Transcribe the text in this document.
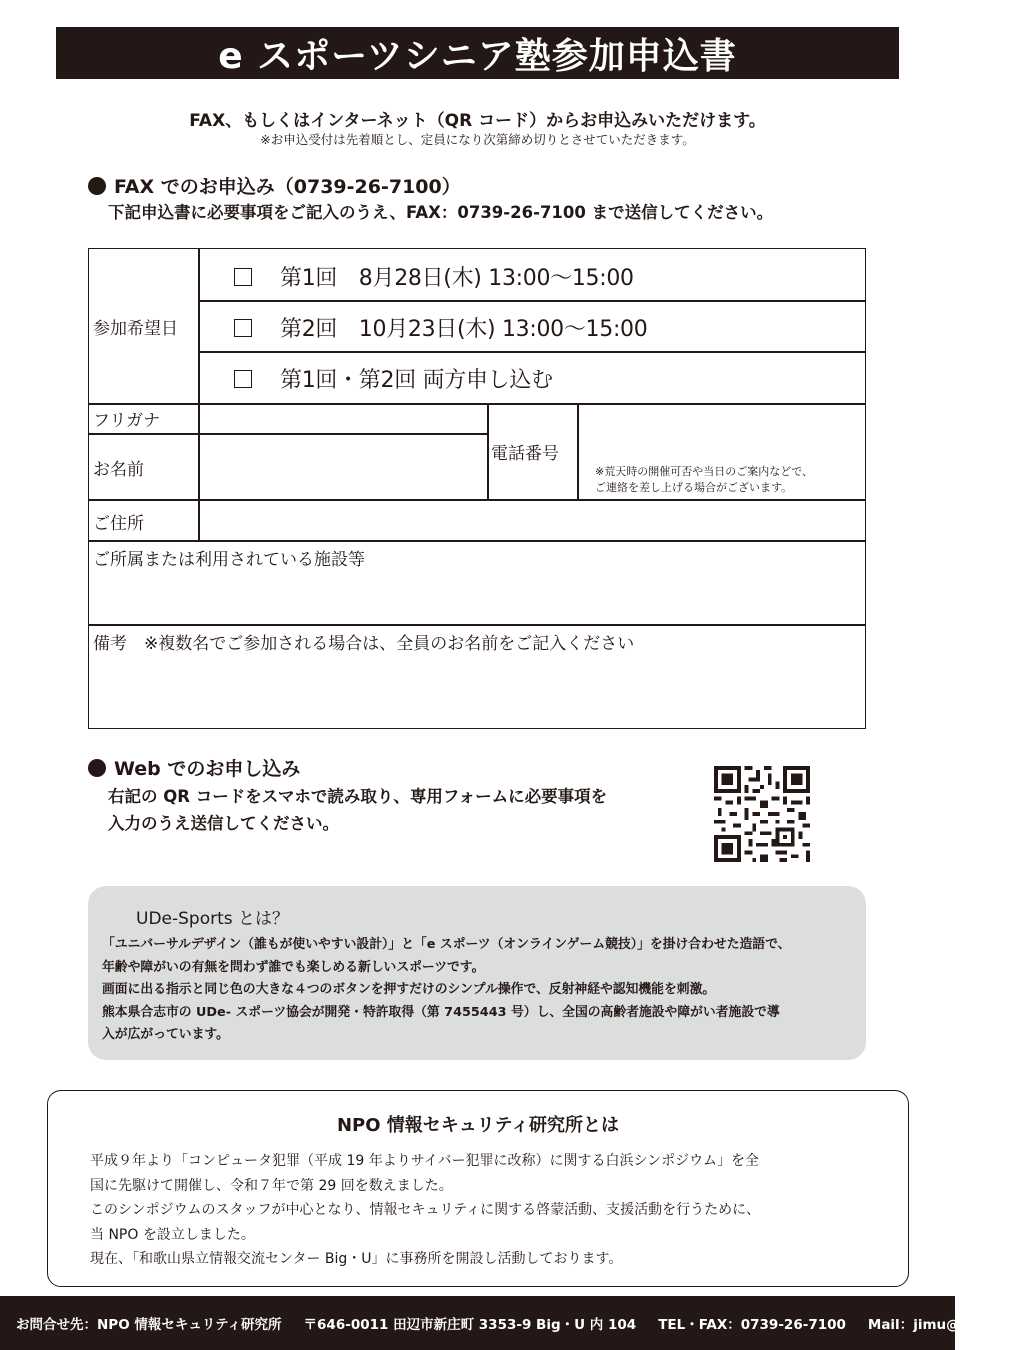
e スポーツシニア塾参加申込書
FAX、もしくはインターネット（QR コード）からお申込みいただけます。
※お申込受付は先着順とし、定員になり次第締め切りとさせていただきます。
FAX でのお申込み（0739-26-7100）
下記申込書に必要事項をご記入のうえ、FAX：0739-26-7100 まで送信してください。
参加希望日
第1回　8月28日(木) 13:00～15:00
第2回　10月23日(木) 13:00～15:00
第1回・第2回 両方申し込む
フリガナ
お名前
電話番号
※荒天時の開催可否や当日のご案内などで、
ご連絡を差し上げる場合がございます。
ご住所
ご所属または利用されている施設等
備考　※複数名でご参加される場合は、全員のお名前をご記入ください
Web でのお申し込み
右記の QR コードをスマホで読み取り、専用フォームに必要事項を
入力のうえ送信してください。
UDe-Sports とは？
「ユニバーサルデザイン（誰もが使いやすい設計）」と「e スポーツ（オンラインゲーム競技）」を掛け合わせた造語で、
年齢や障がいの有無を問わず誰でも楽しめる新しいスポーツです。
画面に出る指示と同じ色の大きな４つのボタンを押すだけのシンプル操作で、反射神経や認知機能を刺激。
熊本県合志市の UDe- スポーツ協会が開発・特許取得（第 7455443 号）し、全国の高齢者施設や障がい者施設で導
入が広がっています。
NPO 情報セキュリティ研究所とは
平成９年より「コンピュータ犯罪（平成 19 年よりサイバー犯罪に改称）に関する白浜シンポジウム」を全
国に先駆けて開催し、令和７年で第 29 回を数えました。
このシンポジウムのスタッフが中心となり、情報セキュリティに関する啓蒙活動、支援活動を行うために、
当 NPO を設立しました。
現在、「和歌山県立情報交流センター Big・U」に事務所を開設し活動しております。
お問合せ先：NPO 情報セキュリティ研究所 〒646-0011 田辺市新庄町 3353-9 Big・U 内 104 TEL・FAX：0739-26-7100 Mail：jimu@riis.or.jp
